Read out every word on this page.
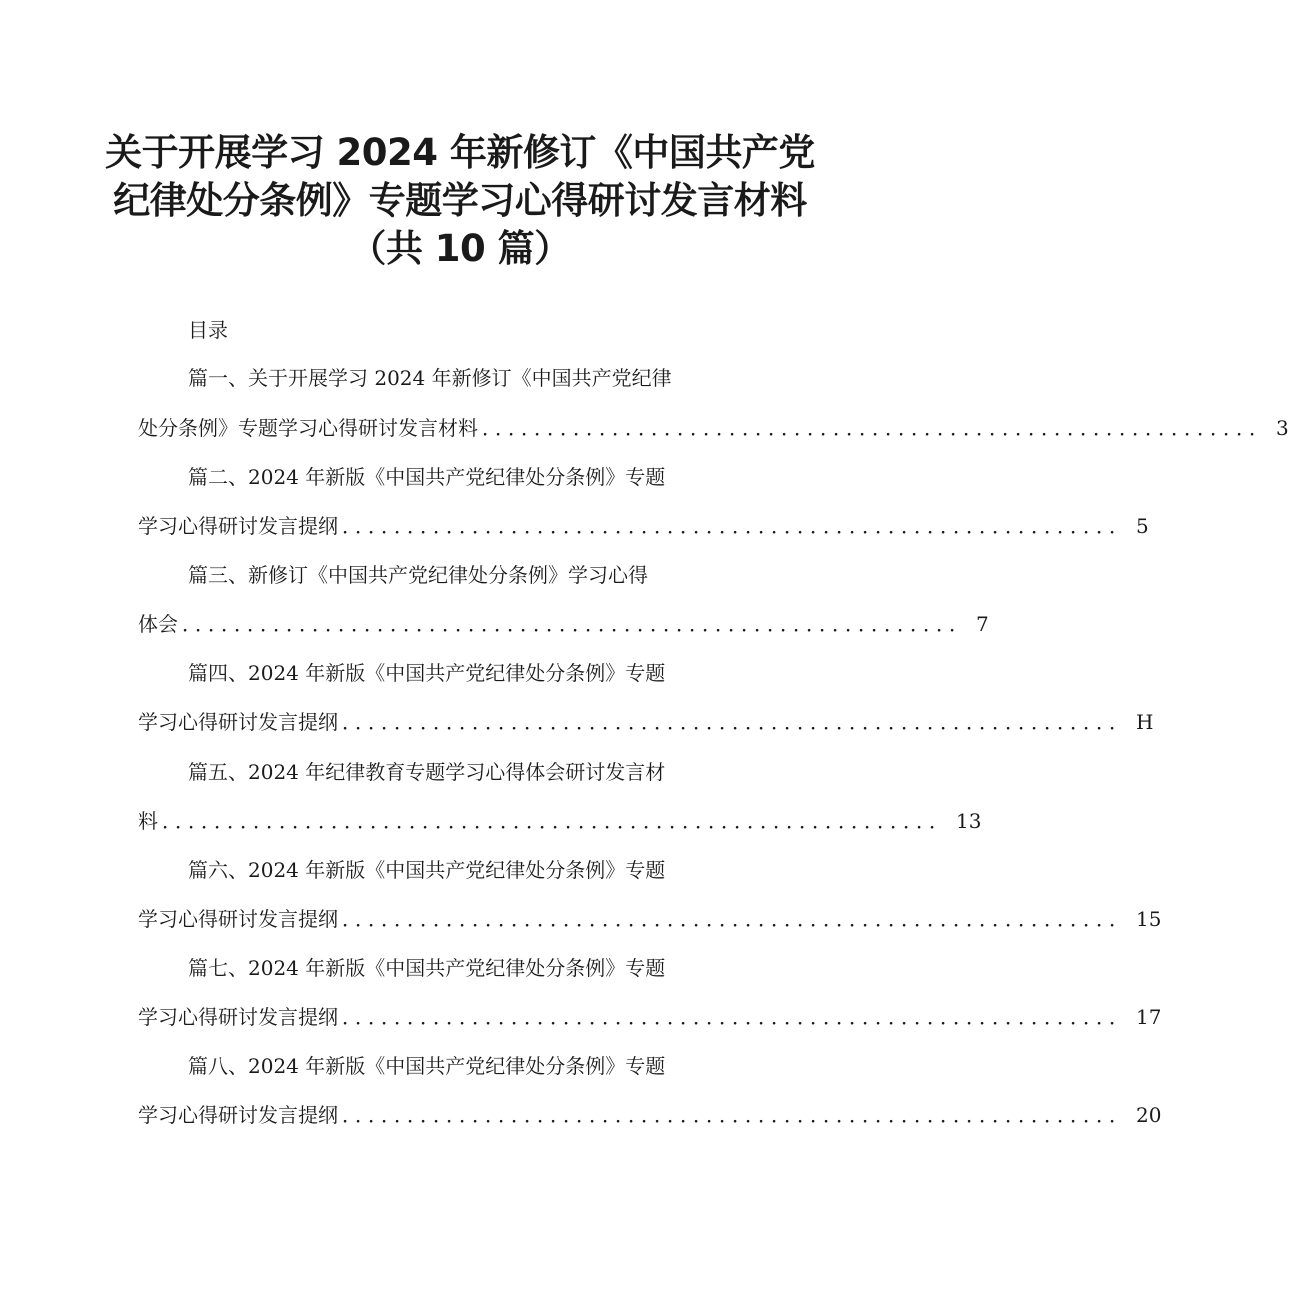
关于开展学习 2024 年新修订《中国共产党
纪律处分条例》专题学习心得研讨发言材料
（共 10 篇）
目录
篇一、关于开展学习 2024 年新修订《中国共产党纪律
处分条例》专题学习心得研讨发言材料 ．．．．．．．．．．．．．．．．．．．．．．．．．．．．．．．．．．．．．．．．．．．．．．．．．．．．．．．．．．．． 3
篇二、2024 年新版《中国共产党纪律处分条例》专题
学习心得研讨发言提纲 ．．．．．．．．．．．．．．．．．．．．．．．．．．．．．．．．．．．．．．．．．．．．．．．．．．．．．．．．．．．． 5
篇三、新修订《中国共产党纪律处分条例》学习心得
体会 ．．．．．．．．．．．．．．．．．．．．．．．．．．．．．．．．．．．．．．．．．．．．．．．．．．．．．．．．．．．． 7
篇四、2024 年新版《中国共产党纪律处分条例》专题
学习心得研讨发言提纲 ．．．．．．．．．．．．．．．．．．．．．．．．．．．．．．．．．．．．．．．．．．．．．．．．．．．．．．．．．．．． H
篇五、2024 年纪律教育专题学习心得体会研讨发言材
料 ．．．．．．．．．．．．．．．．．．．．．．．．．．．．．．．．．．．．．．．．．．．．．．．．．．．．．．．．．．．． 13
篇六、2024 年新版《中国共产党纪律处分条例》专题
学习心得研讨发言提纲 ．．．．．．．．．．．．．．．．．．．．．．．．．．．．．．．．．．．．．．．．．．．．．．．．．．．．．．．．．．．． 15
篇七、2024 年新版《中国共产党纪律处分条例》专题
学习心得研讨发言提纲 ．．．．．．．．．．．．．．．．．．．．．．．．．．．．．．．．．．．．．．．．．．．．．．．．．．．．．．．．．．．． 17
篇八、2024 年新版《中国共产党纪律处分条例》专题
学习心得研讨发言提纲 ．．．．．．．．．．．．．．．．．．．．．．．．．．．．．．．．．．．．．．．．．．．．．．．．．．．．．．．．．．．． 20
